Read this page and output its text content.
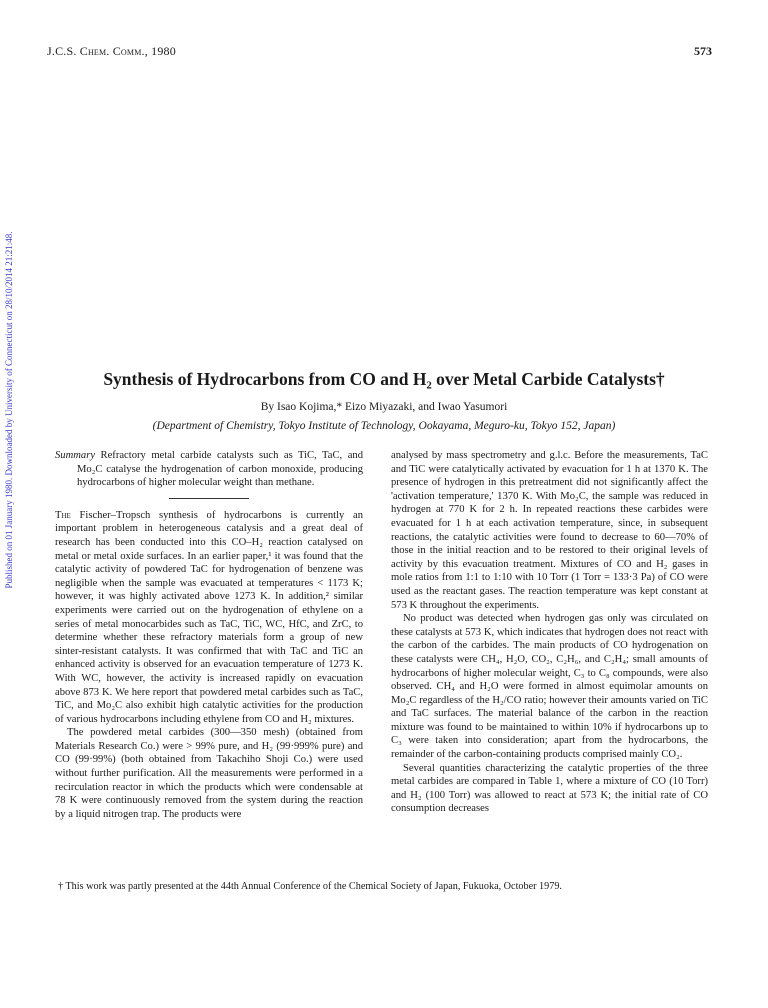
J.C.S. Chem. Comm., 1980	573
Published on 01 January 1980. Downloaded by University of Connecticut on 28/10/2014 21:21:48.	Synthesis of Hydrocarbons from CO and H₂ over Metal Carbide Catalysts†
By Isao Kojima,* Eizo Miyazaki, and Iwao Yasumori
(Department of Chemistry, Tokyo Institute of Technology, Ookayama, Meguro-ku, Tokyo 152, Japan)
Summary Refractory metal carbide catalysts such as TiC, TaC, and Mo₂C catalyse the hydrogenation of carbon monoxide, producing hydrocarbons of higher molecular weight than methane.

The Fischer–Tropsch synthesis of hydrocarbons is currently an important problem in heterogeneous catalysis and a great deal of research has been conducted into this CO–H₂ reaction catalysed on metal or metal oxide surfaces. In an earlier paper,¹ it was found that the catalytic activity of powdered TaC for hydrogenation of benzene was negligible when the sample was evacuated at temperatures < 1173 K; however, it was highly activated above 1273 K. In addition,² similar experiments were carried out on the hydrogenation of ethylene on a series of metal monocarbides such as TaC, TiC, WC, HfC, and ZrC, to determine whether these refractory materials form a group of new sinter-resistant catalysts. It was confirmed that with TaC and TiC an enhanced activity is observed for an evacuation temperature of 1273 K. With WC, however, the activity is increased rapidly on evacuation above 873 K. We here report that powdered metal carbides such as TaC, TiC, and Mo₂C also exhibit high catalytic activities for the production of various hydrocarbons including ethylene from CO and H₂ mixtures.

The powdered metal carbides (300—350 mesh) (obtained from Materials Research Co.) were > 99% pure, and H₂ (99·999% pure) and CO (99·99%) (both obtained from Takachiho Shoji Co.) were used without further purification. All the measurements were performed in a recirculation reactor in which the products which were condensable at 78 K were continuously removed from the system during the reaction by a liquid nitrogen trap. The products were

analysed by mass spectrometry and g.l.c. Before the measurements, TaC and TiC were catalytically activated by evacuation for 1 h at 1370 K. The presence of hydrogen in this pretreatment did not significantly affect the 'activation temperature,' 1370 K. With Mo₂C, the sample was reduced in hydrogen at 770 K for 2 h. In repeated reactions these carbides were evacuated for 1 h at each activation temperature, since, in subsequent reactions, the catalytic activities were found to decrease to 60—70% of those in the initial reaction and to be restored to their original levels of activity by this evacuation treatment. Mixtures of CO and H₂ gases in mole ratios from 1:1 to 1:10 with 10 Torr (1 Torr = 133·3 Pa) of CO were used as the reactant gases. The reaction temperature was kept constant at 573 K throughout the experiments.

No product was detected when hydrogen gas only was circulated on these catalysts at 573 K, which indicates that hydrogen does not react with the carbon of the carbides. The main products of CO hydrogenation on these catalysts were CH₄, H₂O, CO₂, C₂H₆, and C₂H₄; small amounts of hydrocarbons of higher molecular weight, C₃ to C₈ compounds, were also observed. CH₄ and H₂O were formed in almost equimolar amounts on Mo₂C regardless of the H₂/CO ratio; however their amounts varied on TiC and TaC surfaces. The material balance of the carbon in the reaction mixture was found to be maintained to within 10% if hydrocarbons up to C₃ were taken into consideration; apart from the hydrocarbons, the remainder of the carbon-containing products comprised mainly CO₂.

Several quantities characterizing the catalytic properties of the three metal carbides are compared in Table 1, where a mixture of CO (10 Torr) and H₂ (100 Torr) was allowed to react at 573 K; the initial rate of CO consumption decreases

† This work was partly presented at the 44th Annual Conference of the Chemical Society of Japan, Fukuoka, October 1979.
